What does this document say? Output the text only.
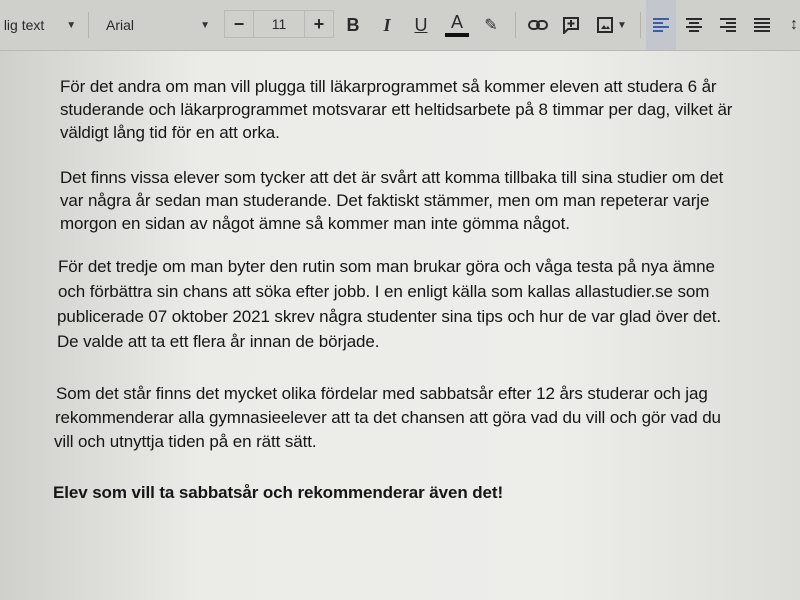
lig text ▼ Arial	▼ − 11 + B I U A ✎	▼	↕
För det andra om man vill plugga till läkarprogrammet så kommer eleven att studera 6 år
studerande och läkarprogrammet motsvarar ett heltidsarbete på 8 timmar per dag, vilket är
väldigt lång tid för en att orka.
Det finns vissa elever som tycker att det är svårt att komma tillbaka till sina studier om det
var några år sedan man studerande. Det faktiskt stämmer, men om man repeterar varje
morgon en sidan av något ämne så kommer man inte gömma något.
För det tredje om man byter den rutin som man brukar göra och våga testa på nya ämne
och förbättra sin chans att söka efter jobb. I en enligt källa som kallas allastudier.se som
publicerade 07 oktober 2021 skrev några studenter sina tips och hur de var glad över det.
De valde att ta ett flera år innan de började.
Som det står finns det mycket olika fördelar med sabbatsår efter 12 års studerar och jag
rekommenderar alla gymnasieelever att ta det chansen att göra vad du vill och gör vad du
vill och utnyttja tiden på en rätt sätt.
Elev som vill ta sabbatsår och rekommenderar även det!
